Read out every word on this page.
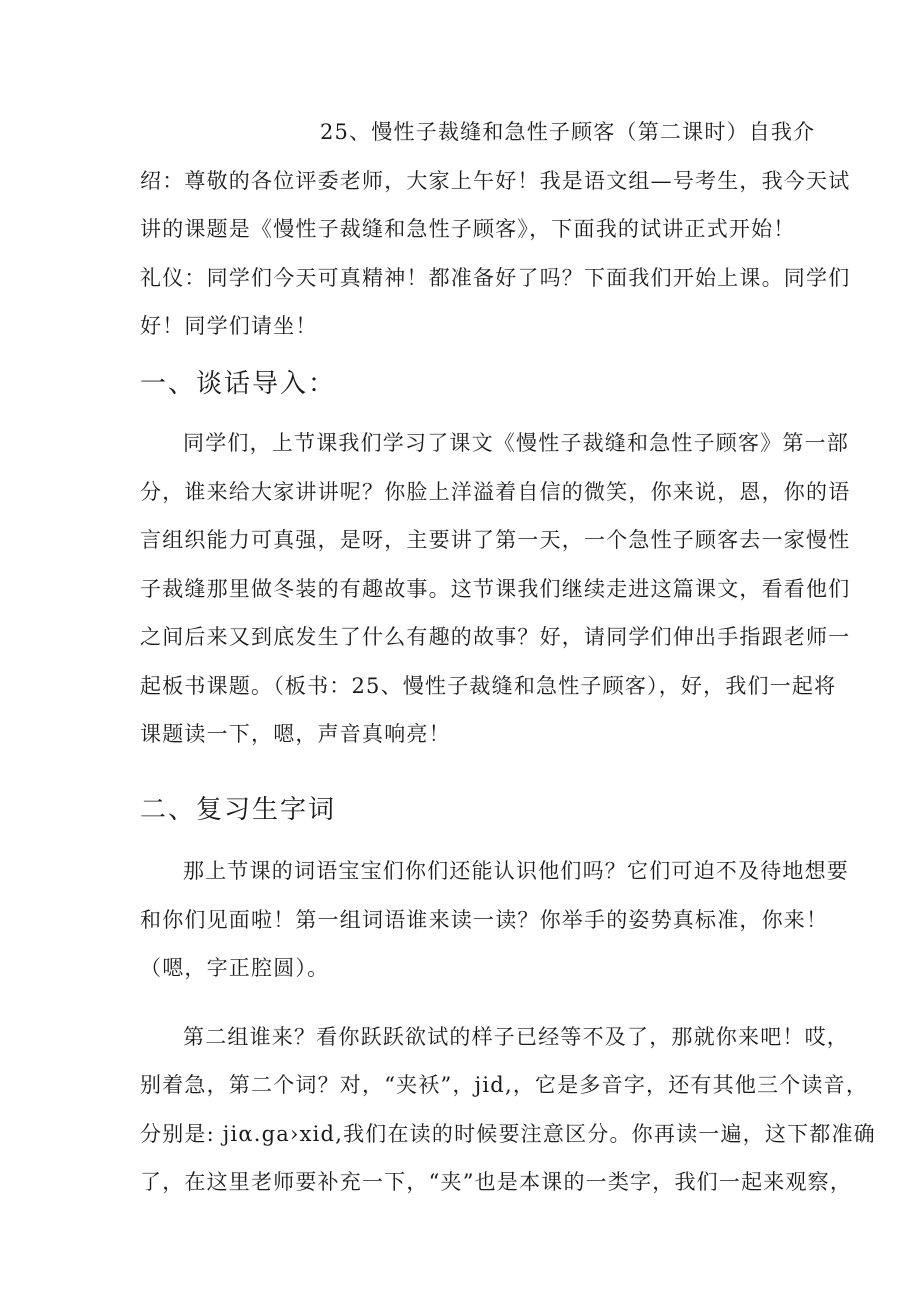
25、慢性子裁缝和急性子顾客（第二课时）自我介
绍：尊敬的各位评委老师，大家上午好！我是语文组—号考生，我今天试
讲的课题是《慢性子裁缝和急性子顾客》，下面我的试讲正式开始！
礼仪：同学们今天可真精神！都准备好了吗？下面我们开始上课。同学们
好！同学们请坐！
一、谈话导入：
同学们，上节课我们学习了课文《慢性子裁缝和急性子顾客》第一部
分，谁来给大家讲讲呢？你脸上洋溢着自信的微笑，你来说，恩，你的语
言组织能力可真强，是呀，主要讲了第一天，一个急性子顾客去一家慢性
子裁缝那里做冬装的有趣故事。这节课我们继续走进这篇课文，看看他们
之间后来又到底发生了什么有趣的故事？好，请同学们伸出手指跟老师一
起板书课题。（板书：25、慢性子裁缝和急性子顾客），好，我们一起将
课题读一下，嗯，声音真响亮！
二、复习生字词
那上节课的词语宝宝们你们还能认识他们吗？它们可迫不及待地想要
和你们见面啦！第一组词语谁来读一读？你举手的姿势真标准，你来！
（嗯，字正腔圆）。
第二组谁来？看你跃跃欲试的样子已经等不及了，那就你来吧！哎，
别着急，第二个词？对，“夹袄”，jid,，它是多音字，还有其他三个读音，
分别是: jiα.ga›xid,我们在读的时候要注意区分。你再读一遍，这下都准确
了，在这里老师要补充一下，“夹”也是本课的一类字，我们一起来观察，
